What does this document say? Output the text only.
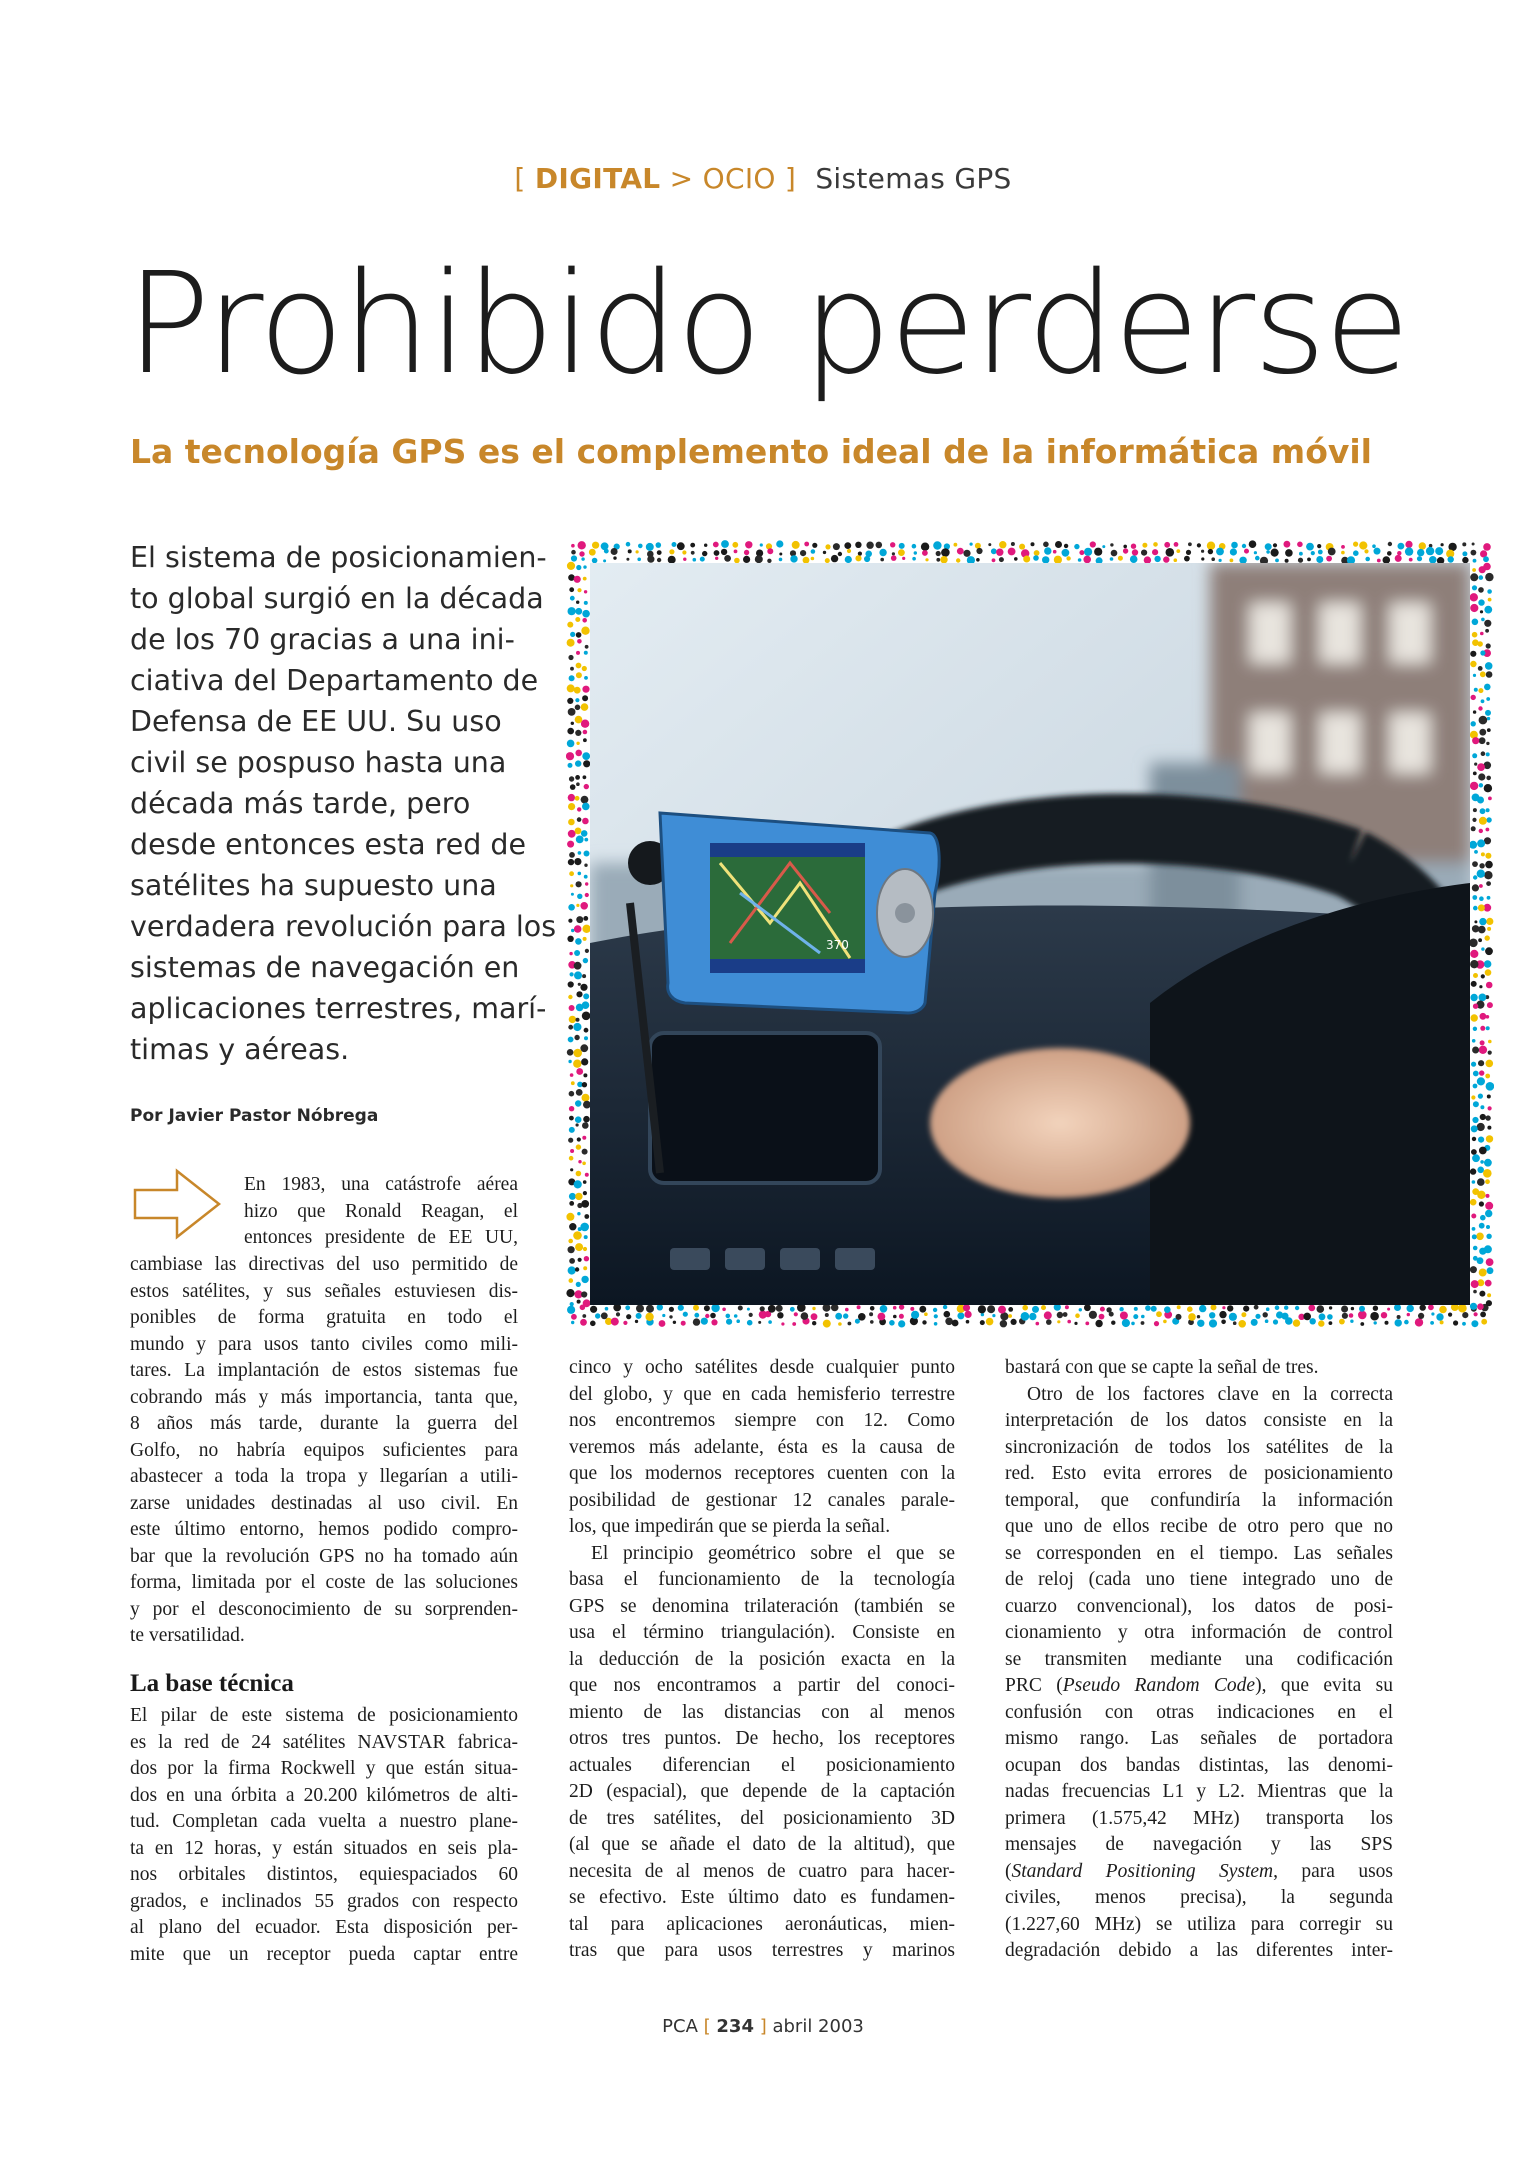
[ DIGITAL > OCIO ] Sistemas GPS
Prohibido perderse
La tecnología GPS es el complemento ideal de la informática móvil
El sistema de posicionamien-
to global surgió en la década
de los 70 gracias a una ini-
ciativa del Departamento de
Defensa de EE UU. Su uso
civil se pospuso hasta una
década más tarde, pero
desde entonces esta red de
satélites ha supuesto una
verdadera revolución para los
sistemas de navegación en
aplicaciones terrestres, marí-
timas y aéreas.
Por Javier Pastor Nóbrega
370
En 1983, una catástrofe aérea
hizo que Ronald Reagan, el
entonces presidente de EE UU,
cambiase las directivas del uso permitido de
estos satélites, y sus señales estuviesen dis-
ponibles de forma gratuita en todo el
mundo y para usos tanto civiles como mili-
tares. La implantación de estos sistemas fue
cobrando más y más importancia, tanta que,
8 años más tarde, durante la guerra del
Golfo, no habría equipos suficientes para
abastecer a toda la tropa y llegarían a utili-
zarse unidades destinadas al uso civil. En
este último entorno, hemos podido compro-
bar que la revolución GPS no ha tomado aún
forma, limitada por el coste de las soluciones
y por el desconocimiento de su sorprenden-
te versatilidad.
La base técnica
El pilar de este sistema de posicionamiento
es la red de 24 satélites NAVSTAR fabrica-
dos por la firma Rockwell y que están situa-
dos en una órbita a 20.200 kilómetros de alti-
tud. Completan cada vuelta a nuestro plane-
ta en 12 horas, y están situados en seis pla-
nos orbitales distintos, equiespaciados 60
grados, e inclinados 55 grados con respecto
al plano del ecuador. Esta disposición per-
mite que un receptor pueda captar entre
cinco y ocho satélites desde cualquier punto
del globo, y que en cada hemisferio terrestre
nos encontremos siempre con 12. Como
veremos más adelante, ésta es la causa de
que los modernos receptores cuenten con la
posibilidad de gestionar 12 canales parale-
los, que impedirán que se pierda la señal.
El principio geométrico sobre el que se
basa el funcionamiento de la tecnología
GPS se denomina trilateración (también se
usa el término triangulación). Consiste en
la deducción de la posición exacta en la
que nos encontramos a partir del conoci-
miento de las distancias con al menos
otros tres puntos. De hecho, los receptores
actuales diferencian el posicionamiento
2D (espacial), que depende de la captación
de tres satélites, del posicionamiento 3D
(al que se añade el dato de la altitud), que
necesita de al menos de cuatro para hacer-
se efectivo. Este último dato es fundamen-
tal para aplicaciones aeronáuticas, mien-
tras que para usos terrestres y marinos
bastará con que se capte la señal de tres.
Otro de los factores clave en la correcta
interpretación de los datos consiste en la
sincronización de todos los satélites de la
red. Esto evita errores de posicionamiento
temporal, que confundiría la información
que uno de ellos recibe de otro pero que no
se corresponden en el tiempo. Las señales
de reloj (cada uno tiene integrado uno de
cuarzo convencional), los datos de posi-
cionamiento y otra información de control
se transmiten mediante una codificación
PRC (Pseudo Random Code), que evita su
confusión con otras indicaciones en el
mismo rango. Las señales de portadora
ocupan dos bandas distintas, las denomi-
nadas frecuencias L1 y L2. Mientras que la
primera (1.575,42 MHz) transporta los
mensajes de navegación y las SPS
(Standard Positioning System, para usos
civiles, menos precisa), la segunda
(1.227,60 MHz) se utiliza para corregir su
degradación debido a las diferentes inter-
PCA [ 234 ] abril 2003
